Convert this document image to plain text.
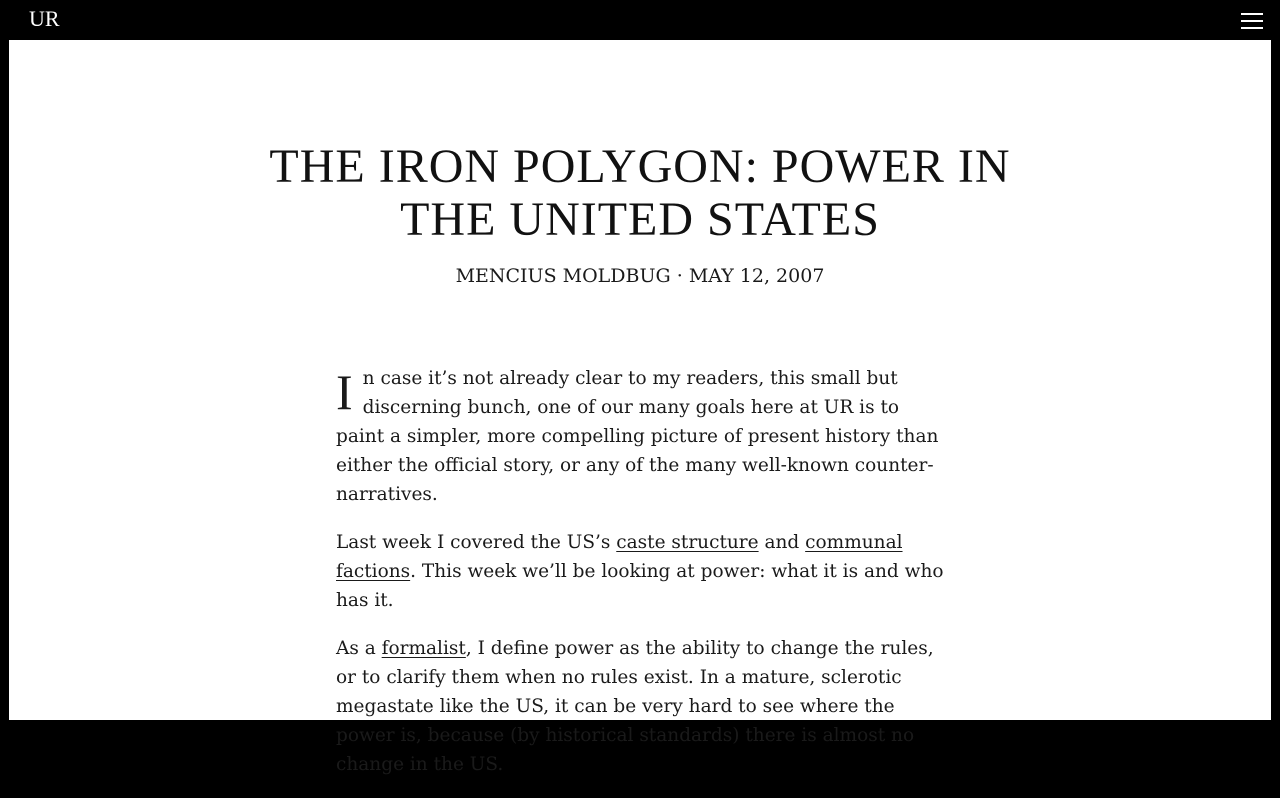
UR
THE IRON POLYGON: POWER IN THE UNITED STATES
MENCIUS MOLDBUG · MAY 12, 2007

In case it’s not already clear to my readers, this small but discerning bunch, one of our many goals here at UR is to paint a simpler, more compelling picture of present history than either the official story, or any of the many well-known counter-narratives.

Last week I covered the US’s caste structure and communal factions. This week we’ll be looking at power: what it is and who has it.

As a formalist, I define power as the ability to change the rules, or to clarify them when no rules exist. In a mature, sclerotic megastate like the US, it can be very hard to see where the power is, because (by historical standards) there is almost no change in the US.
